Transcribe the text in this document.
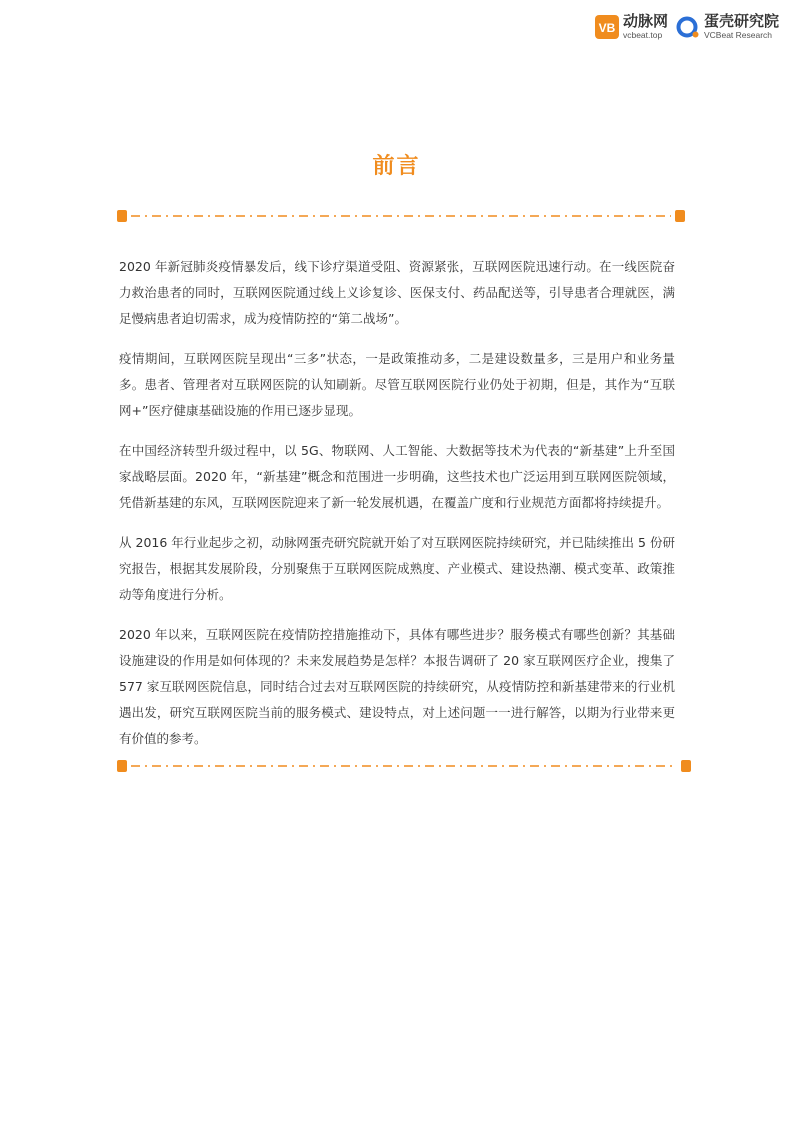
VB 动脉网
vcbeat.top
蛋壳研究院
VCBeat Research
前言

2020 年新冠肺炎疫情暴发后，线下诊疗渠道受阻、资源紧张，互联网医院迅速行动。在一线医院奋力救治患者的同时，互联网医院通过线上义诊复诊、医保支付、药品配送等，引导患者合理就医，满足慢病患者迫切需求，成为疫情防控的“第二战场”。

疫情期间，互联网医院呈现出“三多”状态，一是政策推动多，二是建设数量多，三是用户和业务量多。患者、管理者对互联网医院的认知刷新。尽管互联网医院行业仍处于初期，但是，其作为“互联网+”医疗健康基础设施的作用已逐步显现。

在中国经济转型升级过程中，以 5G、物联网、人工智能、大数据等技术为代表的“新基建”上升至国家战略层面。2020 年，“新基建”概念和范围进一步明确，这些技术也广泛运用到互联网医院领域，凭借新基建的东风，互联网医院迎来了新一轮发展机遇，在覆盖广度和行业规范方面都将持续提升。

从 2016 年行业起步之初，动脉网蛋壳研究院就开始了对互联网医院持续研究，并已陆续推出 5 份研究报告，根据其发展阶段，分别聚焦于互联网医院成熟度、产业模式、建设热潮、模式变革、政策推动等角度进行分析。

2020 年以来，互联网医院在疫情防控措施推动下，具体有哪些进步？服务模式有哪些创新？其基础设施建设的作用是如何体现的？未来发展趋势是怎样？本报告调研了 20 家互联网医疗企业，搜集了 577 家互联网医院信息，同时结合过去对互联网医院的持续研究，从疫情防控和新基建带来的行业机遇出发，研究互联网医院当前的服务模式、建设特点，对上述问题一一进行解答，以期为行业带来更有价值的参考。
